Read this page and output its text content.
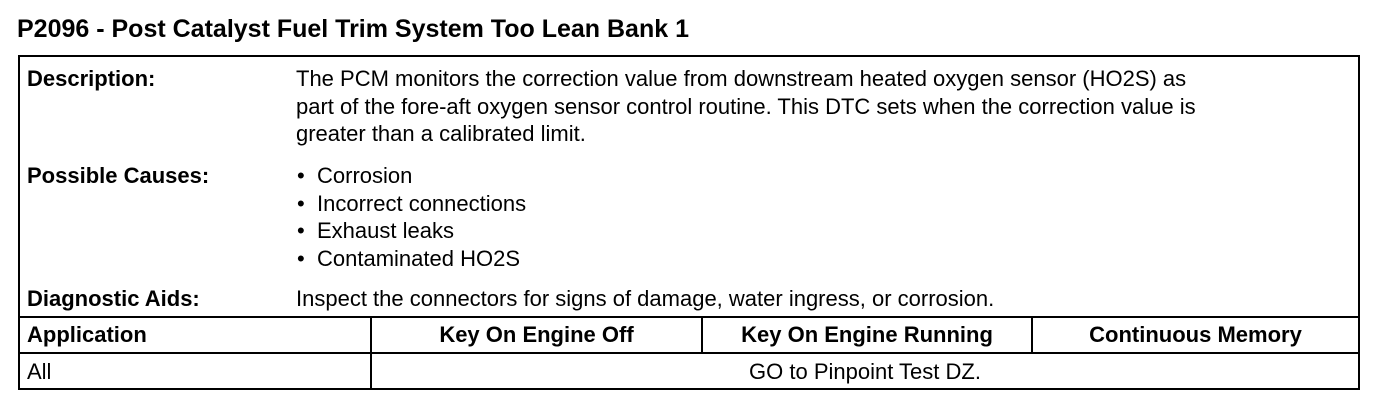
P2096 - Post Catalyst Fuel Trim System Too Lean Bank 1
Description:	The PCM monitors the correction value from downstream heated oxygen sensor (HO2S) as
part of the fore-aft oxygen sensor control routine. This DTC sets when the correction value is
greater than a calibrated limit.
Possible Causes:
•	Corrosion
• Incorrect connections
• Exhaust leaks
• Contaminated HO2S
Diagnostic Aids:	Inspect the connectors for signs of damage, water ingress, or corrosion.
Application	Key On Engine Off	Key On Engine Running	Continuous Memory
All	GO to Pinpoint Test DZ.
